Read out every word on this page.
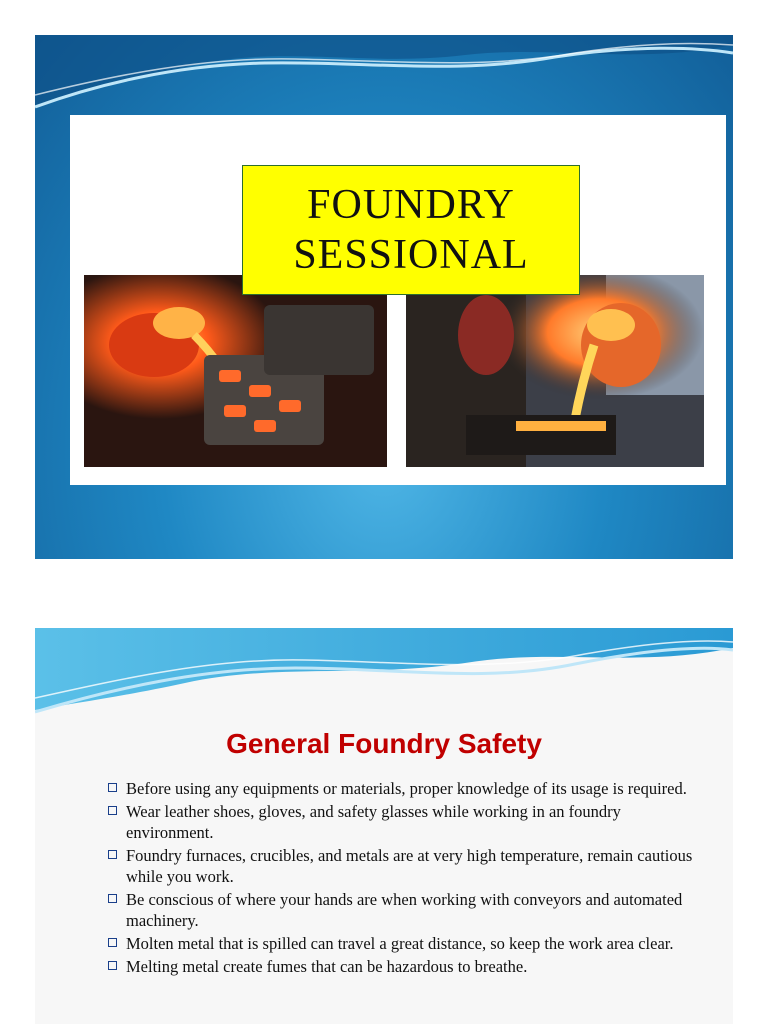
FOUNDRY
SESSIONAL
General Foundry Safety
Before using any equipments or materials, proper knowledge of its usage is required.
Wear leather shoes, gloves, and safety glasses while working in an foundry environment.
Foundry furnaces, crucibles, and metals are at very high temperature, remain cautious while you work.
Be conscious of where your hands are when working with conveyors and automated machinery.
Molten metal that is spilled can travel a great distance, so keep the work area clear.
Melting metal create fumes that can be hazardous to breathe.
